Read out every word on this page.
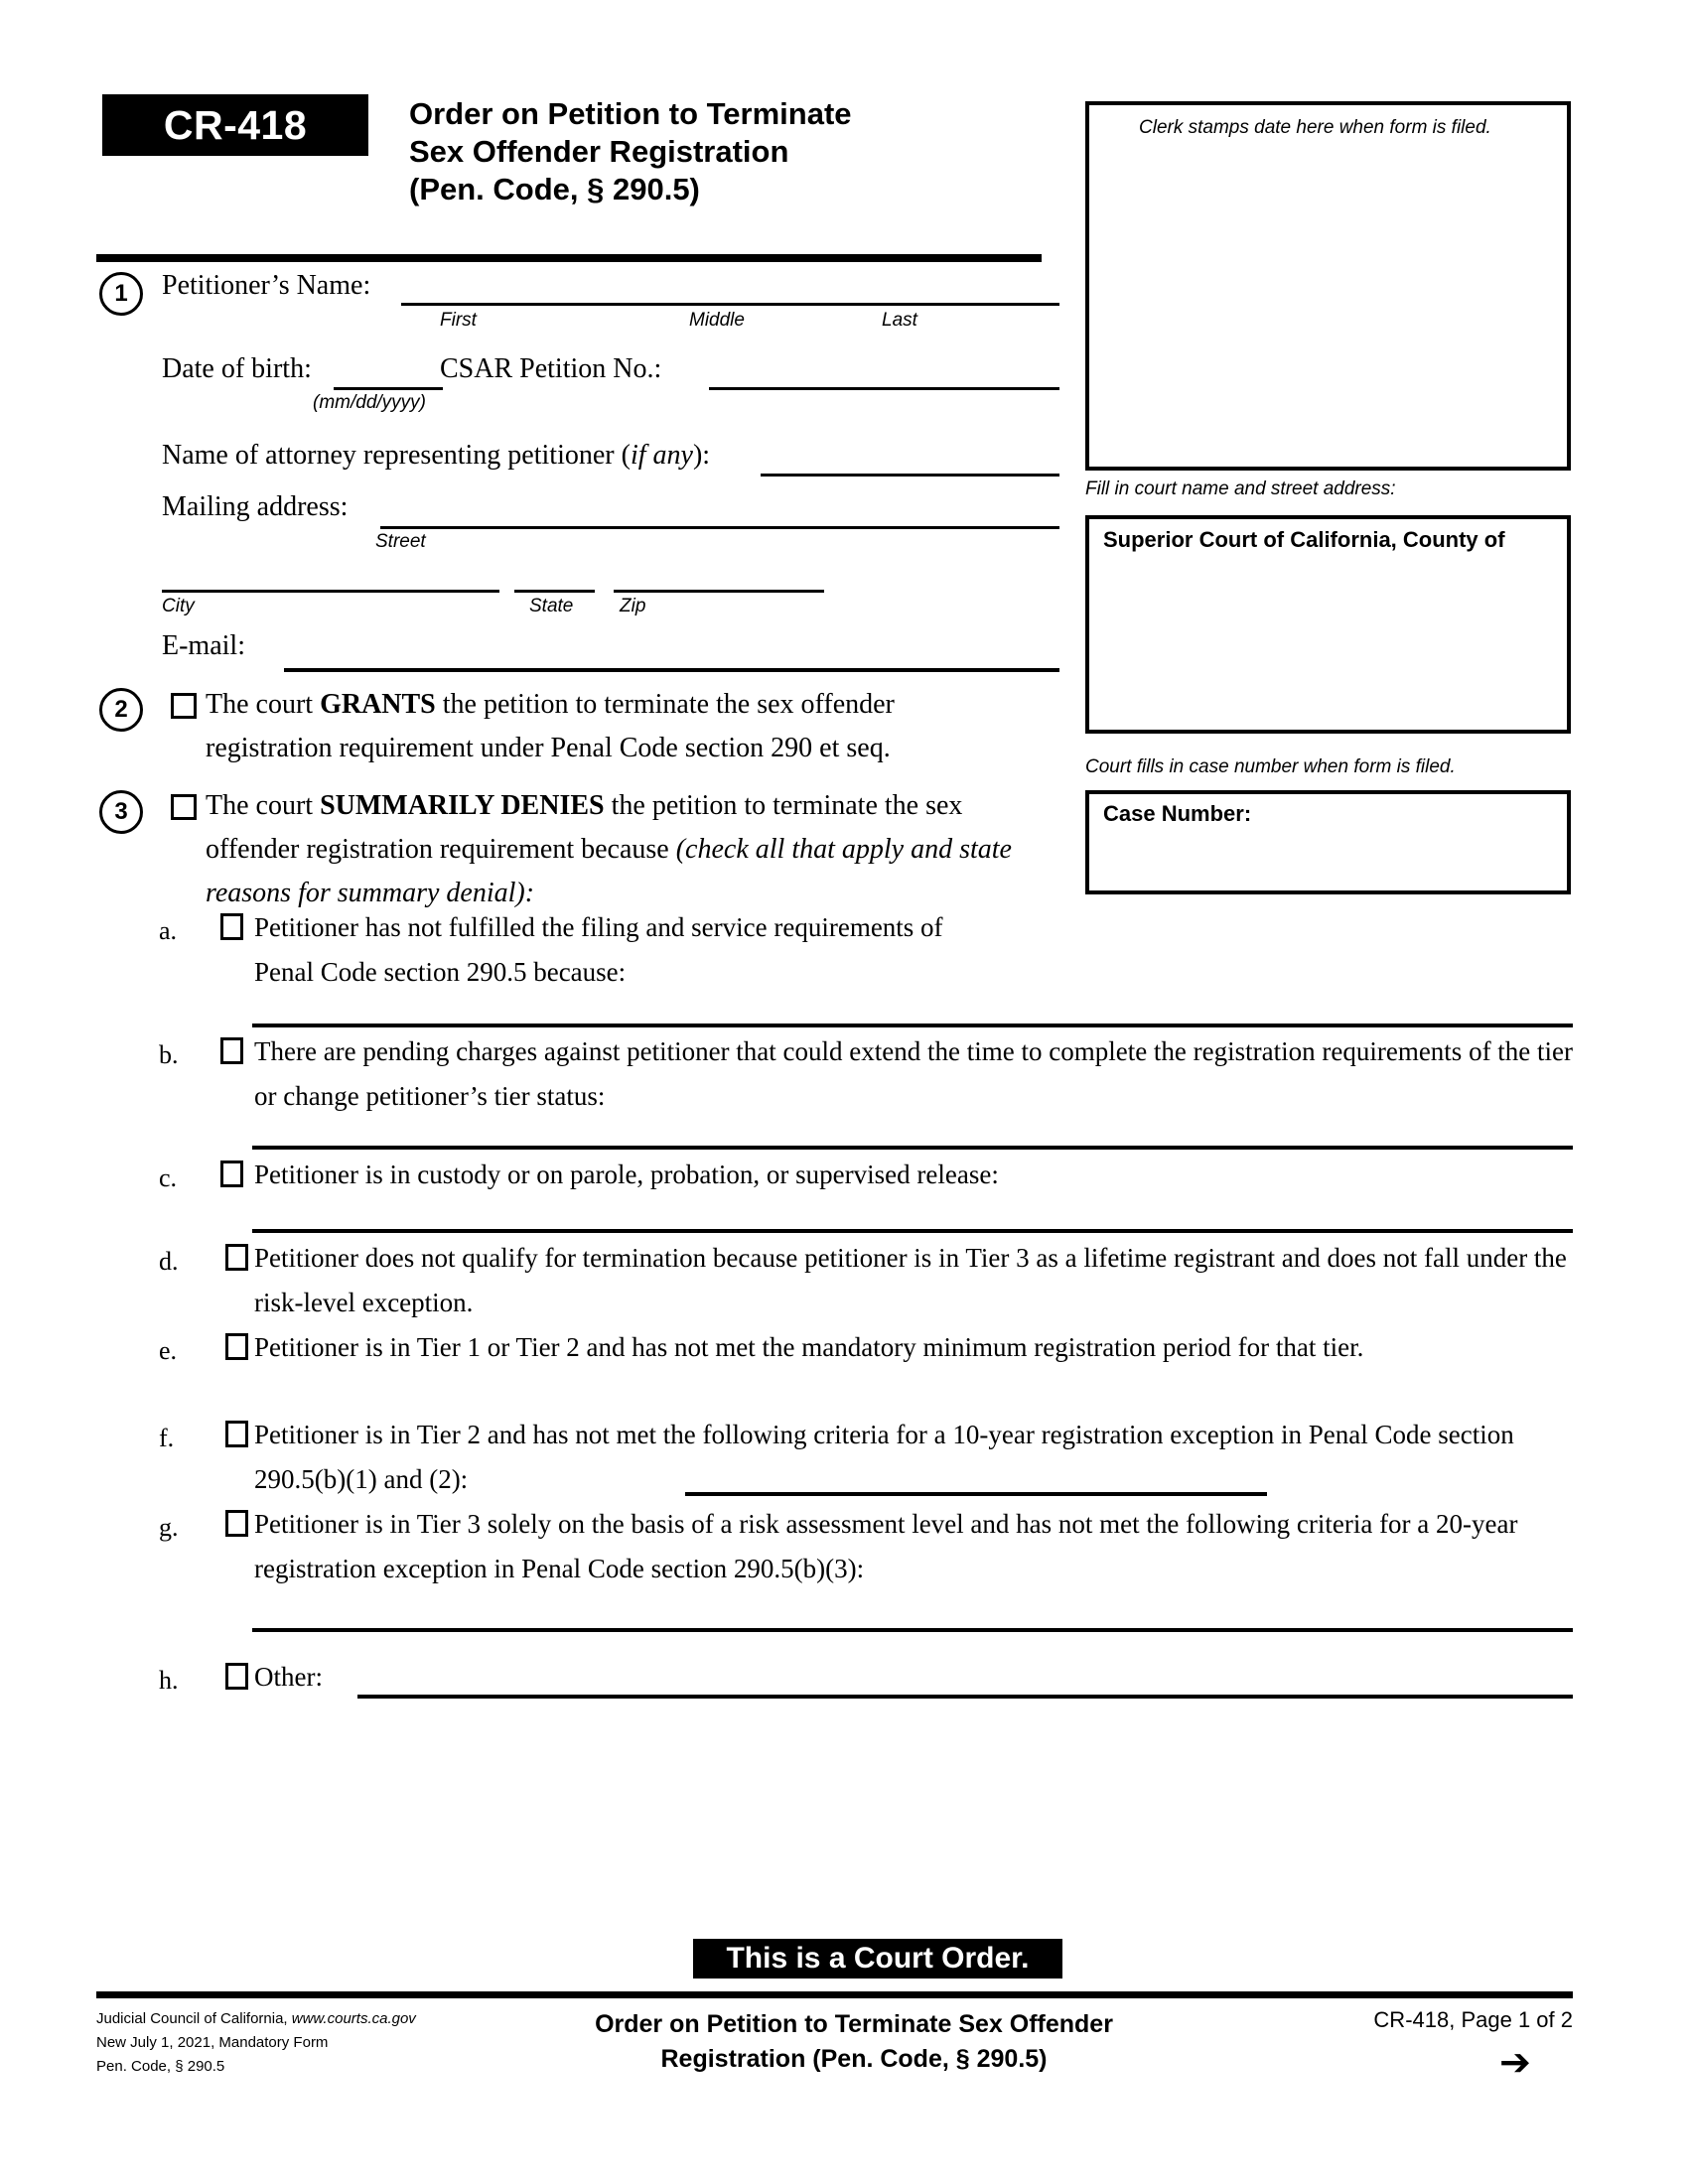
CR-418	Order on Petition to Terminate
Sex Offender Registration
(Pen. Code, § 290.5)
Clerk stamps date here when form is filed.
Fill in court name and street address:
Superior Court of California, County of
Court fills in case number when form is filed.
Case Number:
1	Petitioner’s Name:
First	Middle	Last
Date of birth:
(mm/dd/yyyy)
CSAR Petition No.:
Name of attorney representing petitioner (if any):
Mailing address:
Street
City	State Zip
E-mail:
2	The court GRANTS the petition to terminate the sex offender registration requirement under Penal Code section 290 et seq.
3	The court SUMMARILY DENIES the petition to terminate the sex offender registration requirement because (check all that apply and state reasons for summary denial):
a.	Petitioner has not fulfilled the filing and service requirements of Penal Code section 290.5 because:
b.	There are pending charges against petitioner that could extend the time to complete the registration requirements of the tier or change petitioner’s tier status:
c.	Petitioner is in custody or on parole, probation, or supervised release:
d.	Petitioner does not qualify for termination because petitioner is in Tier 3 as a lifetime registrant and does not fall under the risk-level exception.
e.	Petitioner is in Tier 1 or Tier 2 and has not met the mandatory minimum registration period for that tier.
f.	Petitioner is in Tier 2 and has not met the following criteria for a 10-year registration exception in Penal Code section 290.5(b)(1) and (2):
g.	Petitioner is in Tier 3 solely on the basis of a risk assessment level and has not met the following criteria for a 20-year registration exception in Penal Code section 290.5(b)(3):
h.	Other:
This is a Court Order.
Judicial Council of California, www.courts.ca.gov
New July 1, 2021, Mandatory Form
Pen. Code, § 290.5
Order on Petition to Terminate Sex Offender
Registration (Pen. Code, § 290.5)
CR-418, Page 1 of 2
➔
